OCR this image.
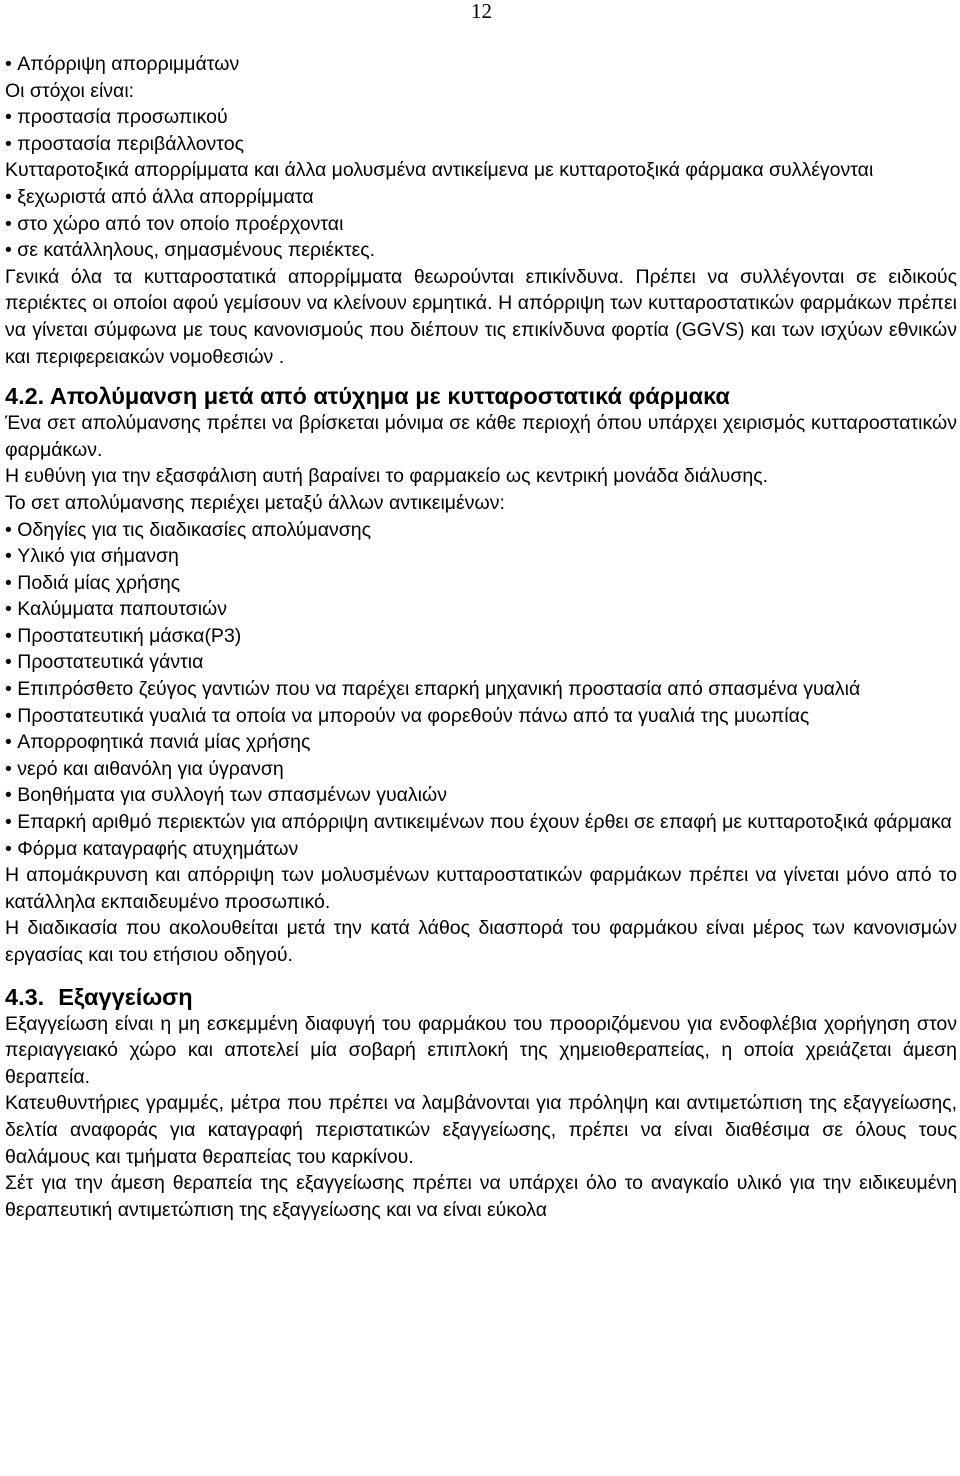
12

• Απόρριψη απορριμμάτων

Οι στόχοι είναι:

• προστασία προσωπικού

• προστασία περιβάλλοντος

Κυτταροτοξικά απορρίμματα και άλλα μολυσμένα αντικείμενα με κυτταροτοξικά φάρμακα συλλέγονται

• ξεχωριστά από άλλα απορρίμματα

• στο χώρο από τον οποίο προέρχονται

• σε κατάλληλους, σημασμένους περιέκτες.

Γενικά όλα τα κυτταροστατικά απορρίμματα θεωρούνται επικίνδυνα. Πρέπει να συλλέγονται σε ειδικούς περιέκτες οι οποίοι αφού γεμίσουν να κλείνουν ερμητικά. Η απόρριψη των κυτταροστατικών φαρμάκων πρέπει να γίνεται σύμφωνα με τους κανονισμούς που διέπουν τις επικίνδυνα φορτία (GGVS) και των ισχύων εθνικών και περιφερειακών νομοθεσιών .

4.2. Απολύμανση μετά από ατύχημα με κυτταροστατικά φάρμακα

Ένα σετ απολύμανσης πρέπει να βρίσκεται μόνιμα σε κάθε περιοχή όπου υπάρχει χειρισμός κυτταροστατικών φαρμάκων.

Η ευθύνη για την εξασφάλιση αυτή βαραίνει το φαρμακείο ως κεντρική μονάδα διάλυσης.

Το σετ απολύμανσης περιέχει μεταξύ άλλων αντικειμένων:

• Οδηγίες για τις διαδικασίες απολύμανσης

• Υλικό για σήμανση

• Ποδιά μίας χρήσης

• Καλύμματα παπουτσιών

• Προστατευτική μάσκα(P3)

• Προστατευτικά γάντια

• Επιπρόσθετο ζεύγος γαντιών που να παρέχει επαρκή μηχανική προστασία από σπασμένα γυαλιά

• Προστατευτικά γυαλιά τα οποία να μπορούν να φορεθούν πάνω από τα γυαλιά της μυωπίας

• Απορροφητικά πανιά μίας χρήσης

• νερό και αιθανόλη για ύγρανση

• Βοηθήματα για συλλογή των σπασμένων γυαλιών

• Επαρκή αριθμό περιεκτών για απόρριψη αντικειμένων που έχουν έρθει σε επαφή με κυτταροτοξικά φάρμακα

• Φόρμα καταγραφής ατυχημάτων

Η απομάκρυνση και απόρριψη των μολυσμένων κυτταροστατικών φαρμάκων πρέπει να γίνεται μόνο από το κατάλληλα εκπαιδευμένο προσωπικό.

Η διαδικασία που ακολουθείται μετά την κατά λάθος διασπορά του φαρμάκου είναι μέρος των κανονισμών εργασίας και του ετήσιου οδηγού.

4.3. Εξαγγείωση

Εξαγγείωση είναι η μη εσκεμμένη διαφυγή του φαρμάκου του προοριζόμενου για ενδοφλέβια χορήγηση στον περιαγγειακό χώρο και αποτελεί μία σοβαρή επιπλοκή της χημειοθεραπείας, η οποία χρειάζεται άμεση θεραπεία.

Κατευθυντήριες γραμμές, μέτρα που πρέπει να λαμβάνονται για πρόληψη και αντιμετώπιση της εξαγγείωσης, δελτία αναφοράς για καταγραφή περιστατικών εξαγγείωσης, πρέπει να είναι διαθέσιμα σε όλους τους θαλάμους και τμήματα θεραπείας του καρκίνου.

Σέτ για την άμεση θεραπεία της εξαγγείωσης πρέπει να υπάρχει όλο το αναγκαίο υλικό για την ειδικευμένη θεραπευτική αντιμετώπιση της εξαγγείωσης και να είναι εύκολα
